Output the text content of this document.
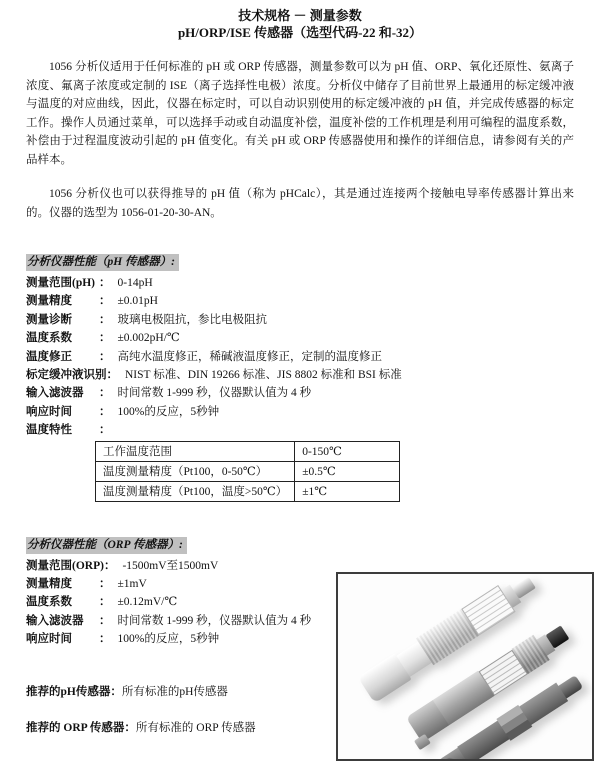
技术规格 － 测量参数
pH/ORP/ISE 传感器（选型代码-22 和-32）

1056 分析仪适用于任何标准的 pH 或 ORP 传感器，测量参数可以为 pH 值、ORP、氧化还原性、氨离子浓度、氟离子浓度或定制的 ISE（离子选择性电极）浓度。分析仪中储存了目前世界上最通用的标定缓冲液与温度的对应曲线，因此，仪器在标定时，可以自动识别使用的标定缓冲液的 pH 值，并完成传感器的标定工作。操作人员通过菜单，可以选择手动或自动温度补偿，温度补偿的工作机理是利用可编程的温度系数，补偿由于过程温度波动引起的 pH 值变化。有关 pH 或 ORP 传感器使用和操作的详细信息，请参阅有关的产品样本。

1056 分析仪也可以获得推导的 pH 值（称为 pHCalc），其是通过连接两个接触电导率传感器计算出来的。仪器的选型为 1056-01-20-30-AN。

分析仪器性能（pH 传感器）:
测量范围(pH) ： 0-14pH
测量精度	： ±0.01pH
测量诊断	： 玻璃电极阻抗，参比电极阻抗
温度系数	： ±0.002pH/℃
温度修正	： 高纯水温度修正，稀碱液温度修正，定制的温度修正
标定缓冲液识别 ： NIST 标准、DIN 19266 标准、JIS 8802 标准和 BSI 标准
输入滤波器	： 时间常数 1-999 秒，仪器默认值为 4 秒
响应时间	： 100%的反应，5秒钟
温度特性	：
工作温度范围	0-150℃
温度测量精度（Pt100，0-50℃）	±0.5℃
温度测量精度（Pt100，温度>50℃）	±1℃
分析仪器性能（ORP 传感器）:
测量范围(ORP) ： -1500mV至1500mV
测量精度	： ±1mV
温度系数	： ±0.12mV/℃
输入滤波器	： 时间常数 1-999 秒，仪器默认值为 4 秒
响应时间	： 100%的反应，5秒钟
推荐的pH传感器：所有标准的pH传感器
推荐的 ORP 传感器：所有标准的 ORP 传感器
